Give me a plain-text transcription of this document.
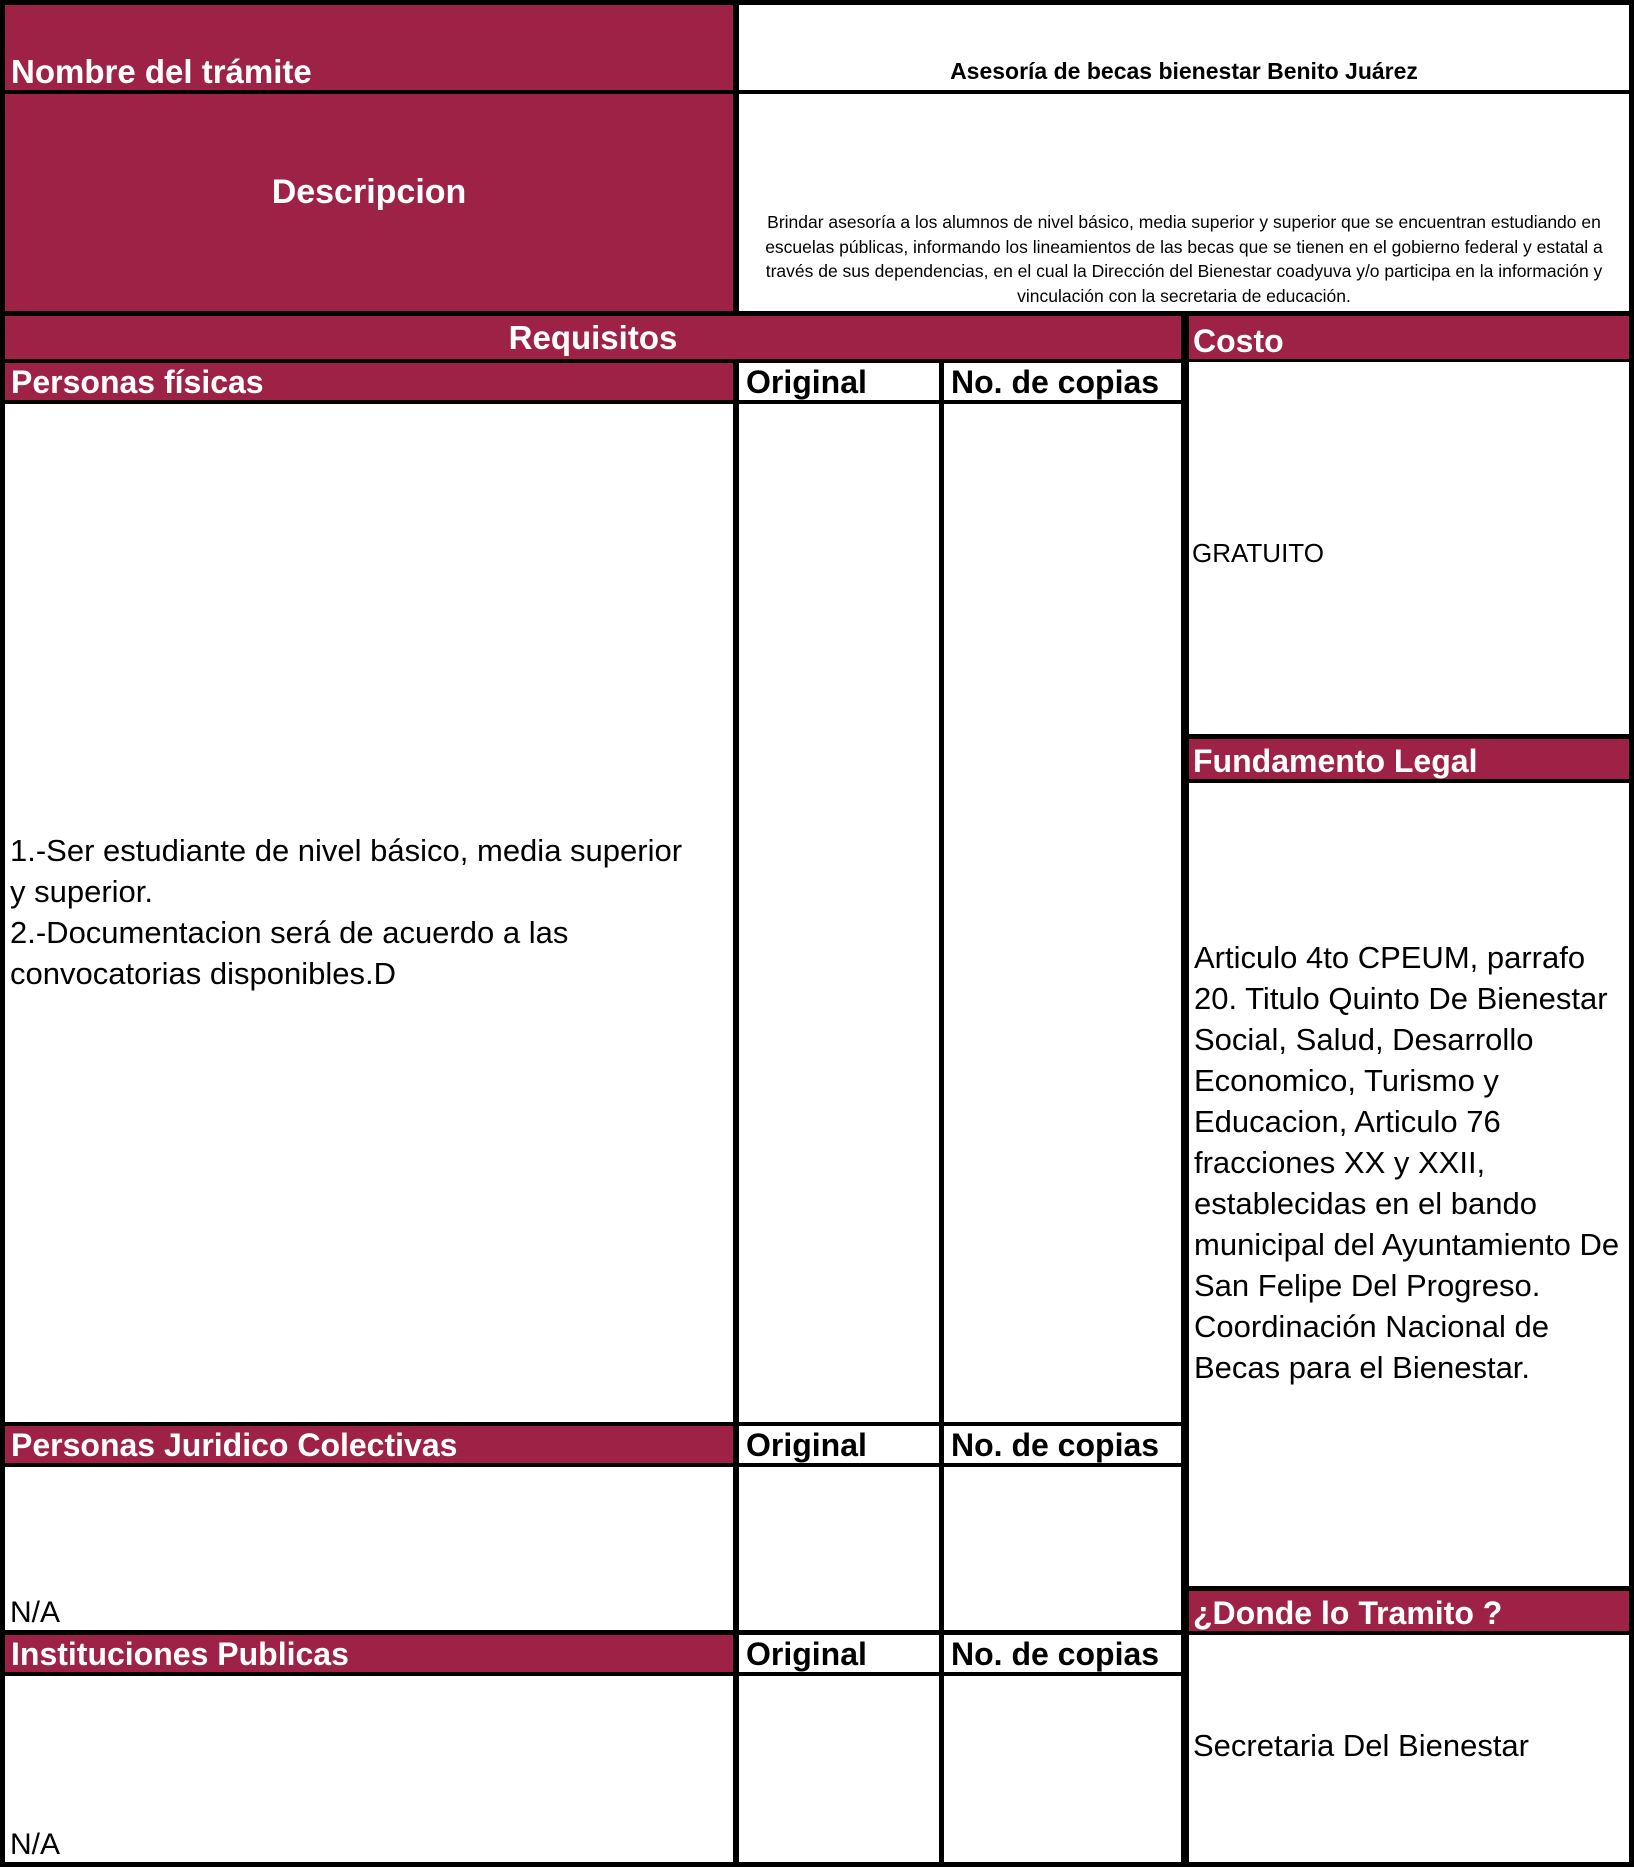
Nombre del trámite	Asesoría de becas bienestar Benito Juárez
Descripcion
Brindar asesoría a los alumnos de nivel básico, media superior y superior que se encuentran estudiando en escuelas públicas, informando los lineamientos de las becas que se tienen en el gobierno federal y estatal a través de sus dependencias, en el cual la Dirección del Bienestar coadyuva y/o participa en la información y vinculación con la secretaria de educación.
Requisitos	Costo
GRATUITO
Fundamento Legal
Articulo 4to CPEUM, parrafo 20. Titulo Quinto De Bienestar Social, Salud, Desarrollo Economico, Turismo y Educacion, Articulo 76 fracciones XX y XXII, establecidas en el bando municipal del Ayuntamiento De San Felipe Del Progreso. Coordinación Nacional de Becas para el Bienestar.
¿Donde lo Tramito ?
Secretaria Del Bienestar
Personas físicas	Original	No. de copias
1.-Ser estudiante de nivel básico, media superior
y superior.
2.-Documentacion será de acuerdo a las
convocatorias disponibles.D
Personas Juridico Colectivas	Original	No. de copias
N/A
Instituciones Publicas	Original	No. de copias
N/A
